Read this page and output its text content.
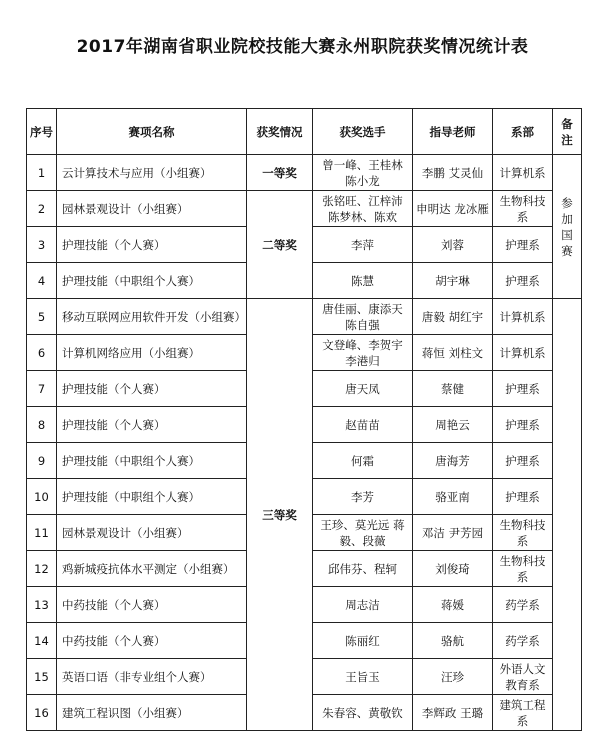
2017年湖南省职业院校技能大赛永州职院获奖情况统计表
序号	赛项名称	获奖情况	获奖选手	指导老师	系部	备注
1	云计算技术与应用（小组赛）	一等奖	曾一峰、王桂林 陈小龙	李鹏 艾灵仙	计算机系	参加国赛
2	园林景观设计（小组赛）	二等奖	张铭旺、江梓沛 陈梦林、陈欢	申明达 龙冰雁	生物科技系	
3	护理技能（个人赛）		李萍	刘蓉	护理系	
4	护理技能（中职组个人赛）		陈慧	胡宇琳	护理系	
5	移动互联网应用软件开发（小组赛）	三等奖	唐佳丽、康添天 陈自强	唐毅 胡红宇	计算机系	
6	计算机网络应用（小组赛）		文登峰、李贺宇 李港归	蒋恒 刘柱文	计算机系	
7	护理技能（个人赛）		唐天凤	蔡健	护理系	
8	护理技能（个人赛）		赵苗苗	周艳云	护理系	
9	护理技能（中职组个人赛）		何霜	唐海芳	护理系	
10	护理技能（中职组个人赛）		李芳	骆亚南	护理系	
11	园林景观设计（小组赛）		王珍、莫光远 蒋毅、段薇	邓洁 尹芳园	生物科技系	
12	鸡新城疫抗体水平测定（小组赛）		邱伟芬、程轲	刘俊琦	生物科技系	
13	中药技能（个人赛）		周志洁	蒋媛	药学系	
14	中药技能（个人赛）		陈丽红	骆航	药学系	
15	英语口语（非专业组个人赛）		王旨玉	汪珍	外语人文教育系	
16	建筑工程识图（小组赛）		朱春容、黄敬钦	李辉政 王璐	建筑工程系	
